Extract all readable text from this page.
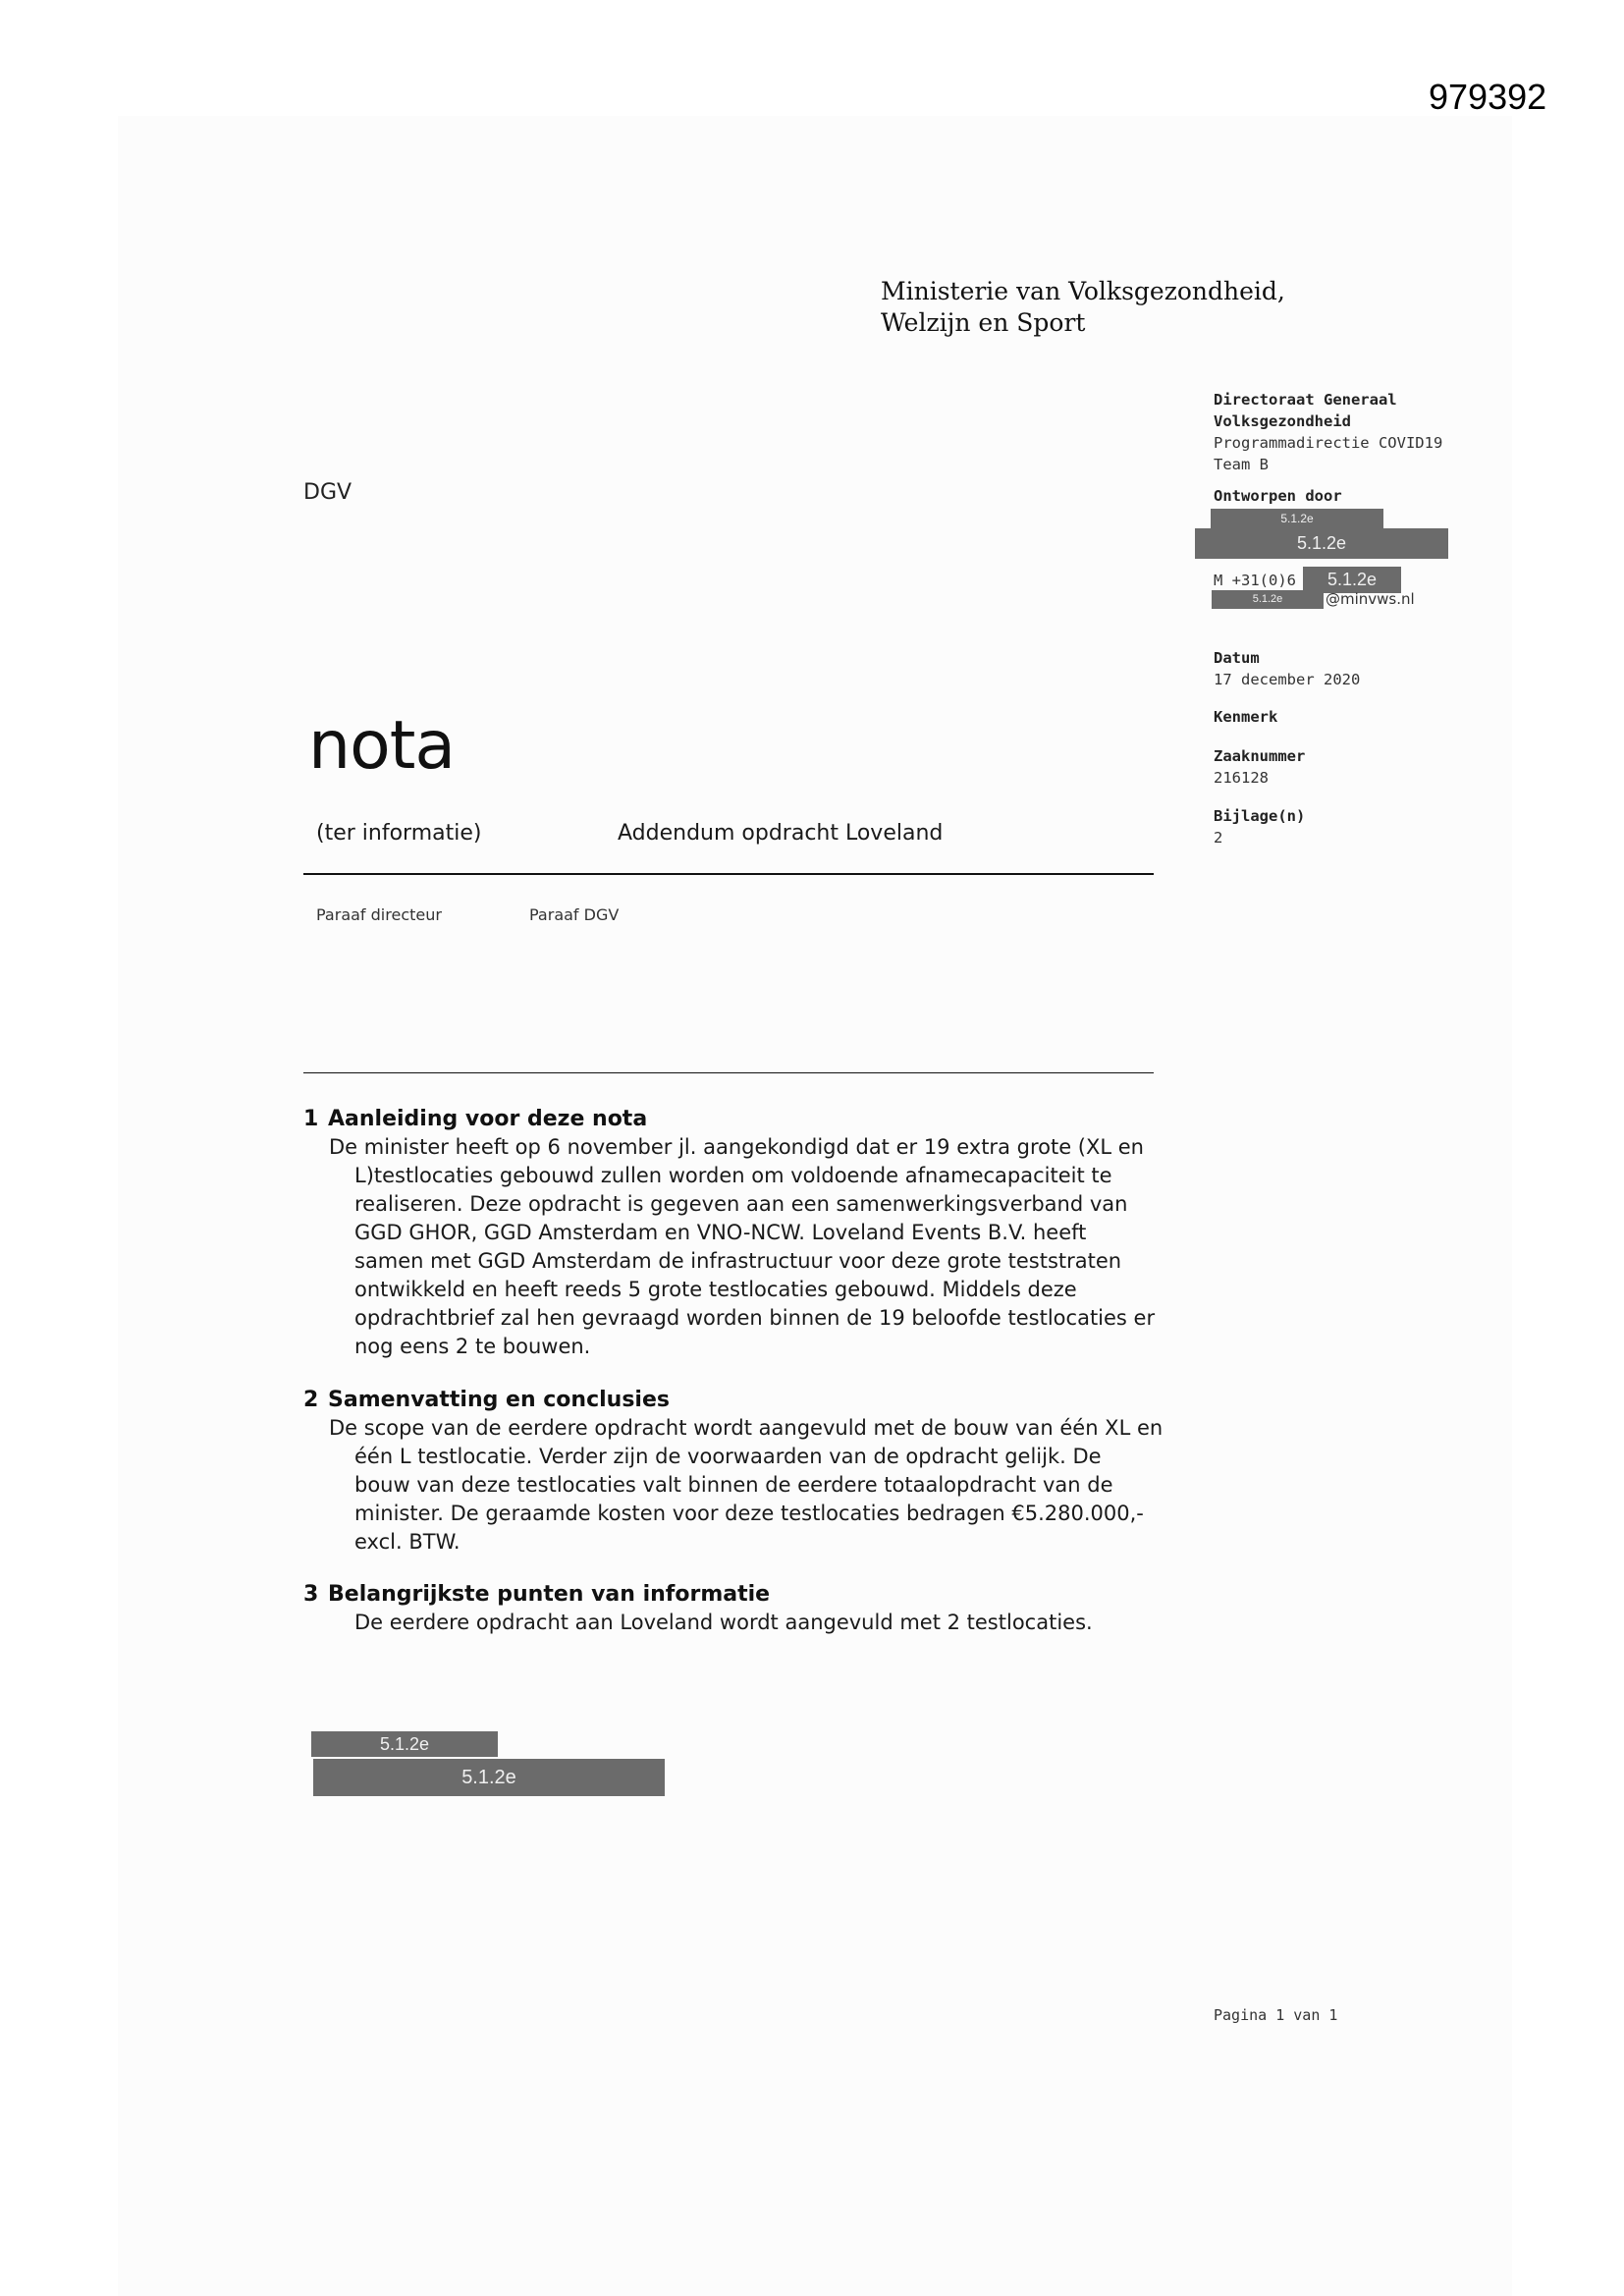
979392
Ministerie van Volksgezondheid,
Welzijn en Sport
DGV
Directoraat Generaal
Volksgezondheid
Programmadirectie COVID19
Team B
Ontworpen door
5.1.2e
5.1.2e
M +31(0)6	5.1.2e
5.1.2e	@minvws.nl
Datum
17 december 2020
Kenmerk
Zaaknummer
216128
Bijlage(n)
2
nota
(ter informatie)	Addendum opdracht Loveland
Paraaf directeur	Paraaf DGV
1 Aanleiding voor deze nota
De minister heeft op 6 november jl. aangekondigd dat er 19 extra grote (XL en
L)testlocaties gebouwd zullen worden om voldoende afnamecapaciteit te
realiseren. Deze opdracht is gegeven aan een samenwerkingsverband van
GGD GHOR, GGD Amsterdam en VNO-NCW. Loveland Events B.V. heeft
samen met GGD Amsterdam de infrastructuur voor deze grote teststraten
ontwikkeld en heeft reeds 5 grote testlocaties gebouwd. Middels deze
opdrachtbrief zal hen gevraagd worden binnen de 19 beloofde testlocaties er
nog eens 2 te bouwen.
2 Samenvatting en conclusies
De scope van de eerdere opdracht wordt aangevuld met de bouw van één XL en
één L testlocatie. Verder zijn de voorwaarden van de opdracht gelijk. De
bouw van deze testlocaties valt binnen de eerdere totaalopdracht van de
minister. De geraamde kosten voor deze testlocaties bedragen €5.280.000,-
excl. BTW.
3 Belangrijkste punten van informatie
De eerdere opdracht aan Loveland wordt aangevuld met 2 testlocaties.
5.1.2e
5.1.2e
Pagina 1 van 1
